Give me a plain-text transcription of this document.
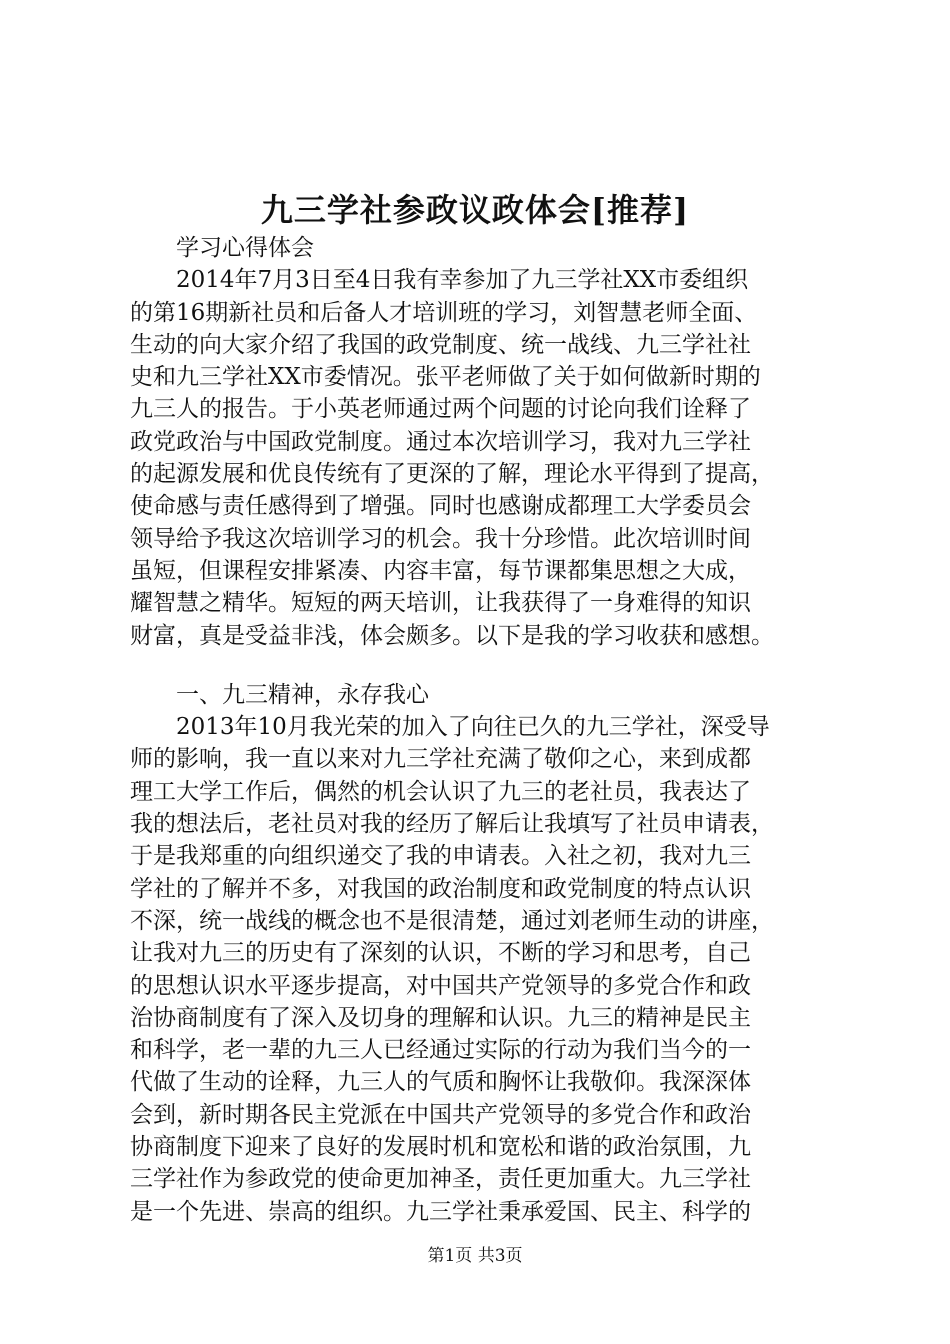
九三学社参政议政体会[推荐]
学习心得体会
2014年7月3日至4日我有幸参加了九三学社XX市委组织
的第16期新社员和后备人才培训班的学习，刘智慧老师全面、
生动的向大家介绍了我国的政党制度、统一战线、九三学社社
史和九三学社XX市委情况。张平老师做了关于如何做新时期的
九三人的报告。于小英老师通过两个问题的讨论向我们诠释了
政党政治与中国政党制度。通过本次培训学习，我对九三学社
的起源发展和优良传统有了更深的了解，理论水平得到了提高，
使命感与责任感得到了增强。同时也感谢成都理工大学委员会
领导给予我这次培训学习的机会。我十分珍惜。此次培训时间
虽短，但课程安排紧凑、内容丰富，每节课都集思想之大成，
耀智慧之精华。短短的两天培训，让我获得了一身难得的知识
财富，真是受益非浅，体会颇多。以下是我的学习收获和感想。
一、九三精神，永存我心
2013年10月我光荣的加入了向往已久的九三学社，深受导
师的影响，我一直以来对九三学社充满了敬仰之心，来到成都
理工大学工作后，偶然的机会认识了九三的老社员，我表达了
我的想法后，老社员对我的经历了解后让我填写了社员申请表，
于是我郑重的向组织递交了我的申请表。入社之初，我对九三
学社的了解并不多，对我国的政治制度和政党制度的特点认识
不深，统一战线的概念也不是很清楚，通过刘老师生动的讲座，
让我对九三的历史有了深刻的认识，不断的学习和思考，自己
的思想认识水平逐步提高，对中国共产党领导的多党合作和政
治协商制度有了深入及切身的理解和认识。九三的精神是民主
和科学，老一辈的九三人已经通过实际的行动为我们当今的一
代做了生动的诠释，九三人的气质和胸怀让我敬仰。我深深体
会到，新时期各民主党派在中国共产党领导的多党合作和政治
协商制度下迎来了良好的发展时机和宽松和谐的政治氛围，九
三学社作为参政党的使命更加神圣，责任更加重大。九三学社
是一个先进、崇高的组织。九三学社秉承爱国、民主、科学的
第1页 共3页
